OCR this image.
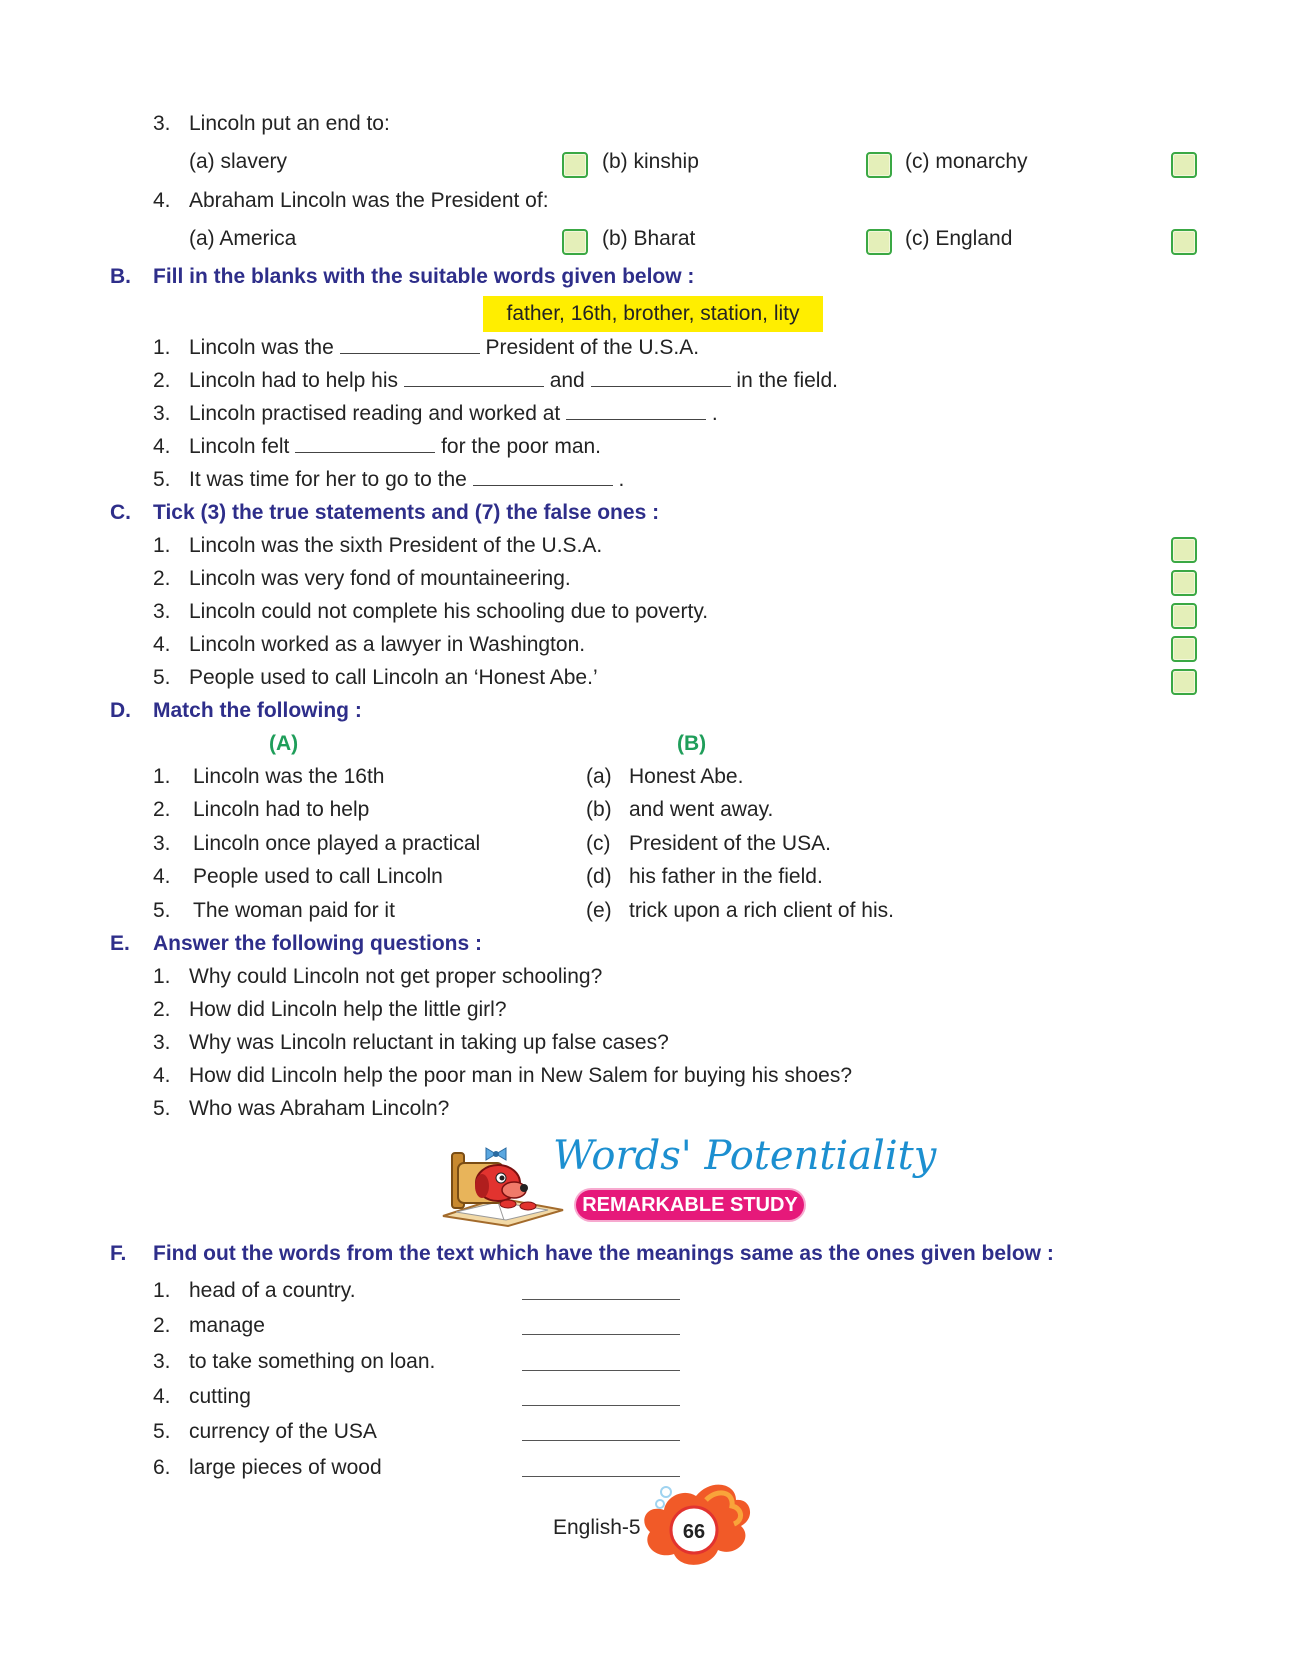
3. Lincoln put an end to:
(a) slavery	(b) kinship	(c) monarchy
4. Abraham Lincoln was the President of:
(a) America	(b) Bharat	(c) England
B. Fill in the blanks with the suitable words given below :
father, 16th, brother, station, lity
1. Lincoln was the	President of the U.S.A.
2. Lincoln had to help his	and	in the field.
3. Lincoln practised reading and worked at	.
4. Lincoln felt	for the poor man.
5. It was time for her to go to the	.
C. Tick (3) the true statements and (7) the false ones :
1. Lincoln was the sixth President of the U.S.A.
2. Lincoln was very fond of mountaineering.
3. Lincoln could not complete his schooling due to poverty.
4. Lincoln worked as a lawyer in Washington.
5. People used to call Lincoln an ‘Honest Abe.’
D. Match the following :
(A)	(B)
1. Lincoln was the 16th	(a) Honest Abe.
2. Lincoln had to help	(b) and went away.
3. Lincoln once played a practical	(c) President of the USA.
4. People used to call Lincoln	(d) his father in the field.
5. The woman paid for it	(e) trick upon a rich client of his.
E. Answer the following questions :
1. Why could Lincoln not get proper schooling?
2. How did Lincoln help the little girl?
3. Why was Lincoln reluctant in taking up false cases?
4. How did Lincoln help the poor man in New Salem for buying his shoes?
5. Who was Abraham Lincoln?
Words' Potentiality
REMARKABLE STUDY
F. Find out the words from the text which have the meanings same as the ones given below :
1. head of a country.
2. manage
3. to take something on loan.
4. cutting
5. currency of the USA
6. large pieces of wood
English-5 66
